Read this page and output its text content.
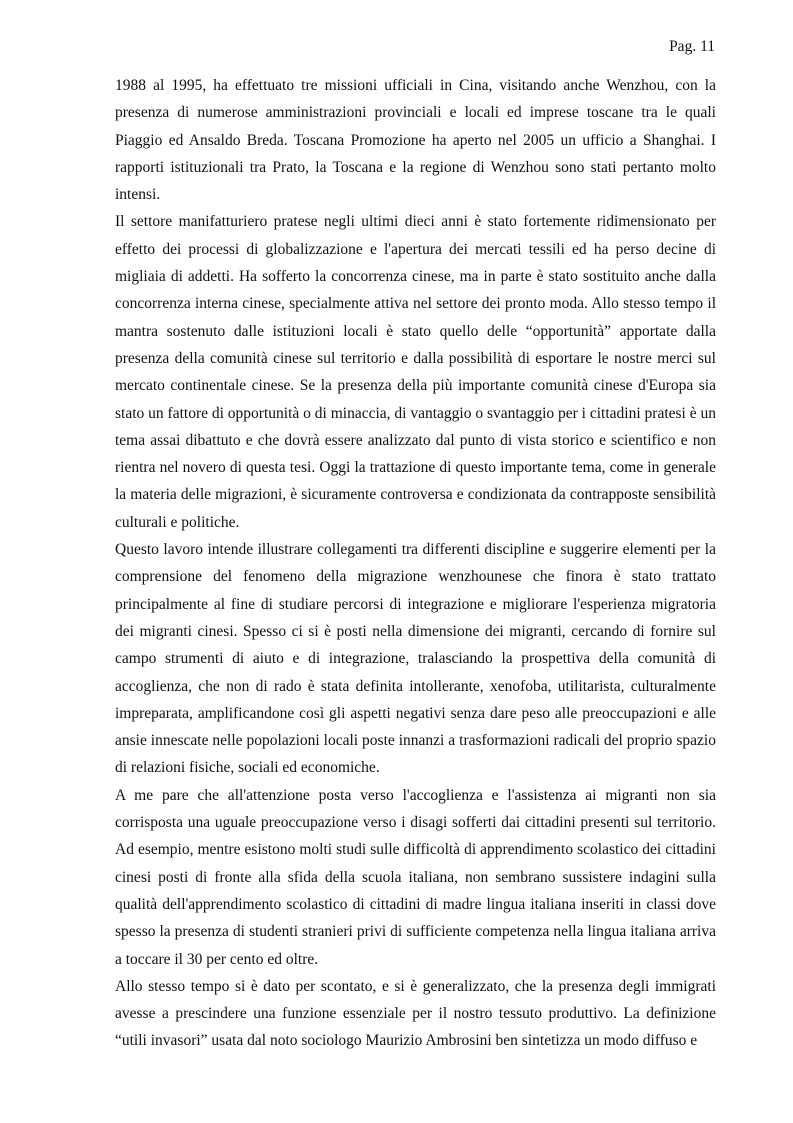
Pag. 11

1988 al 1995, ha effettuato tre missioni ufficiali in Cina, visitando anche Wenzhou, con la presenza di numerose amministrazioni provinciali e locali ed imprese toscane tra le quali Piaggio ed Ansaldo Breda. Toscana Promozione ha aperto nel 2005 un ufficio a Shanghai. I rapporti istituzionali tra Prato, la Toscana e la regione di Wenzhou sono stati pertanto molto intensi.

Il settore manifatturiero pratese negli ultimi dieci anni è stato fortemente ridimensionato per effetto dei processi di globalizzazione e l'apertura dei mercati tessili ed ha perso decine di migliaia di addetti. Ha sofferto la concorrenza cinese, ma in parte è stato sostituito anche dalla concorrenza interna cinese, specialmente attiva nel settore dei pronto moda. Allo stesso tempo il mantra sostenuto dalle istituzioni locali è stato quello delle “opportunità” apportate dalla presenza della comunità cinese sul territorio e dalla possibilità di esportare le nostre merci sul mercato continentale cinese. Se la presenza della più importante comunità cinese d'Europa sia stato un fattore di opportunità o di minaccia, di vantaggio o svantaggio per i cittadini pratesi è un tema assai dibattuto e che dovrà essere analizzato dal punto di vista storico e scientifico e non rientra nel novero di questa tesi. Oggi la trattazione di questo importante tema, come in generale la materia delle migrazioni, è sicuramente controversa e condizionata da contrapposte sensibilità culturali e politiche.

Questo lavoro intende illustrare collegamenti tra differenti discipline e suggerire elementi per la comprensione del fenomeno della migrazione wenzhounese che finora è stato trattato principalmente al fine di studiare percorsi di integrazione e migliorare l'esperienza migratoria dei migranti cinesi. Spesso ci si è posti nella dimensione dei migranti, cercando di fornire sul campo strumenti di aiuto e di integrazione, tralasciando la prospettiva della comunità di accoglienza, che non di rado è stata definita intollerante, xenofoba, utilitarista, culturalmente impreparata, amplificandone così gli aspetti negativi senza dare peso alle preoccupazioni e alle ansie innescate nelle popolazioni locali poste innanzi a trasformazioni radicali del proprio spazio di relazioni fisiche, sociali ed economiche.

A me pare che all'attenzione posta verso l'accoglienza e l'assistenza ai migranti non sia corrisposta una uguale preoccupazione verso i disagi sofferti dai cittadini presenti sul territorio. Ad esempio, mentre esistono molti studi sulle difficoltà di apprendimento scolastico dei cittadini cinesi posti di fronte alla sfida della scuola italiana, non sembrano sussistere indagini sulla qualità dell'apprendimento scolastico di cittadini di madre lingua italiana inseriti in classi dove spesso la presenza di studenti stranieri privi di sufficiente competenza nella lingua italiana arriva a toccare il 30 per cento ed oltre.

Allo stesso tempo si è dato per scontato, e si è generalizzato, che la presenza degli immigrati avesse a prescindere una funzione essenziale per il nostro tessuto produttivo. La definizione “utili invasori” usata dal noto sociologo Maurizio Ambrosini ben sintetizza un modo diffuso e
